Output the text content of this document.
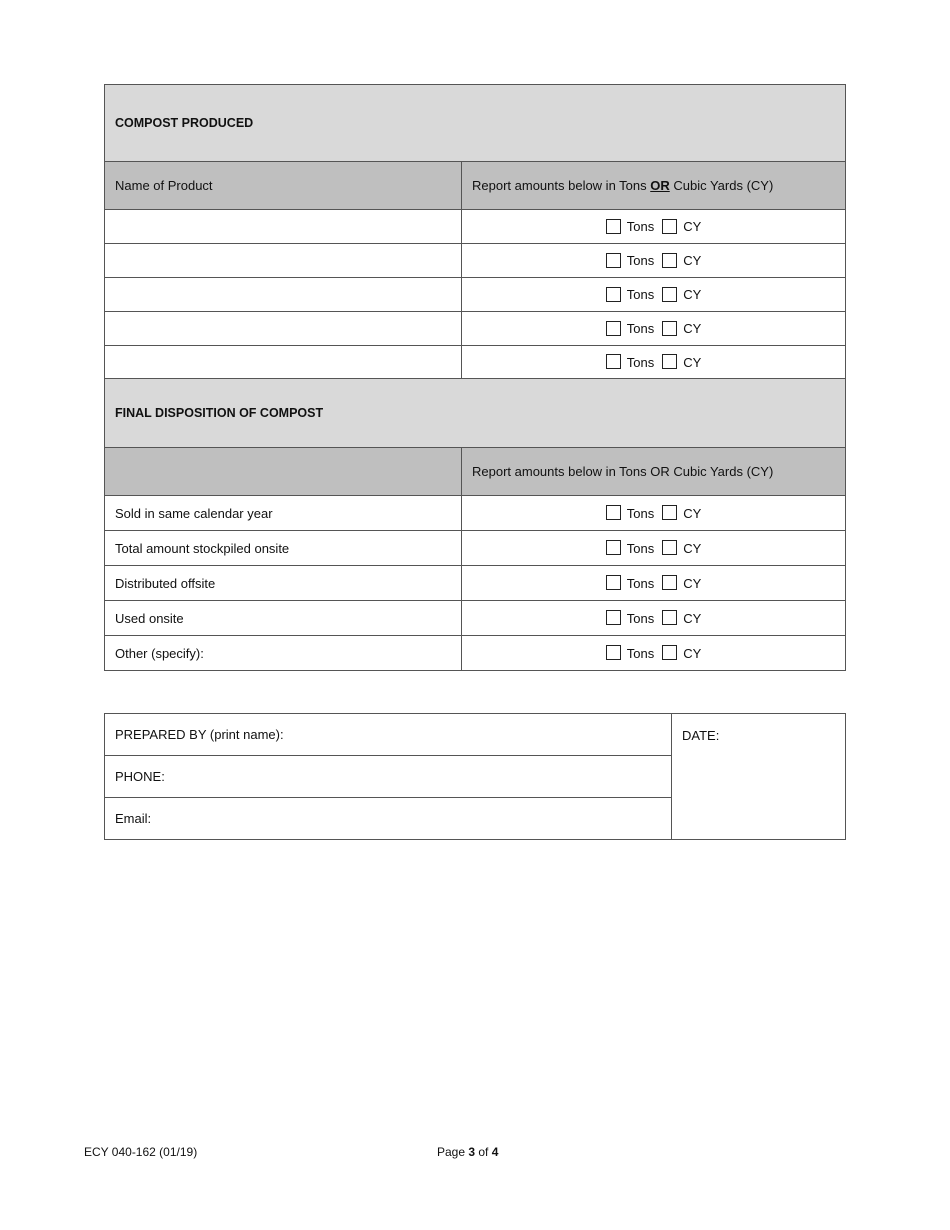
COMPOST PRODUCED	
Name of Product	Report amounts below in Tons OR Cubic Yards (CY)
	Tons CY
	Tons CY
	Tons CY
	Tons CY
	Tons CY
FINAL DISPOSITION OF COMPOST	
	Report amounts below in Tons OR Cubic Yards (CY)
Sold in same calendar year	Tons CY
Total amount stockpiled onsite	Tons CY
Distributed offsite	Tons CY
Used onsite	Tons CY
Other (specify):	Tons CY
PREPARED BY (print name):	DATE:
PHONE:
Email:
ECY 040-162 (01/19)	Page 3 of 4
